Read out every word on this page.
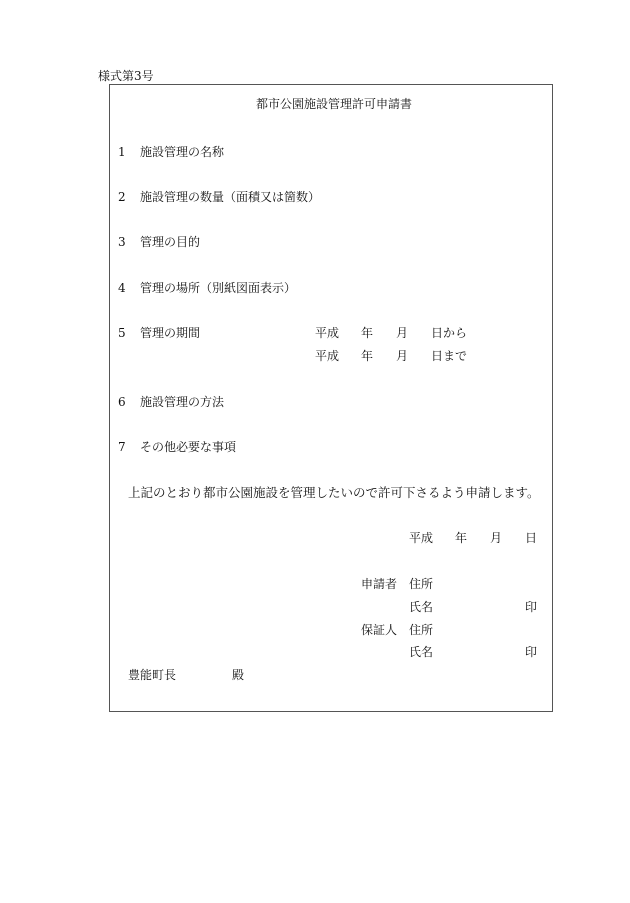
様式第3号
都市公園施設管理許可申請書
1 施設管理の名称
2 施設管理の数量（面積又は箇数）
3 管理の目的
4 管理の場所（別紙図面表示）
5 管理の期間	平成 年 月 日から
平成 年 月 日まで
6 施設管理の方法
7 その他必要な事項
上記のとおり都市公園施設を管理したいので許可下さるよう申請します。
平成 年 月 日
申請者 住所
氏名	印
保証人 住所
氏名	印
豊能町長	殿
